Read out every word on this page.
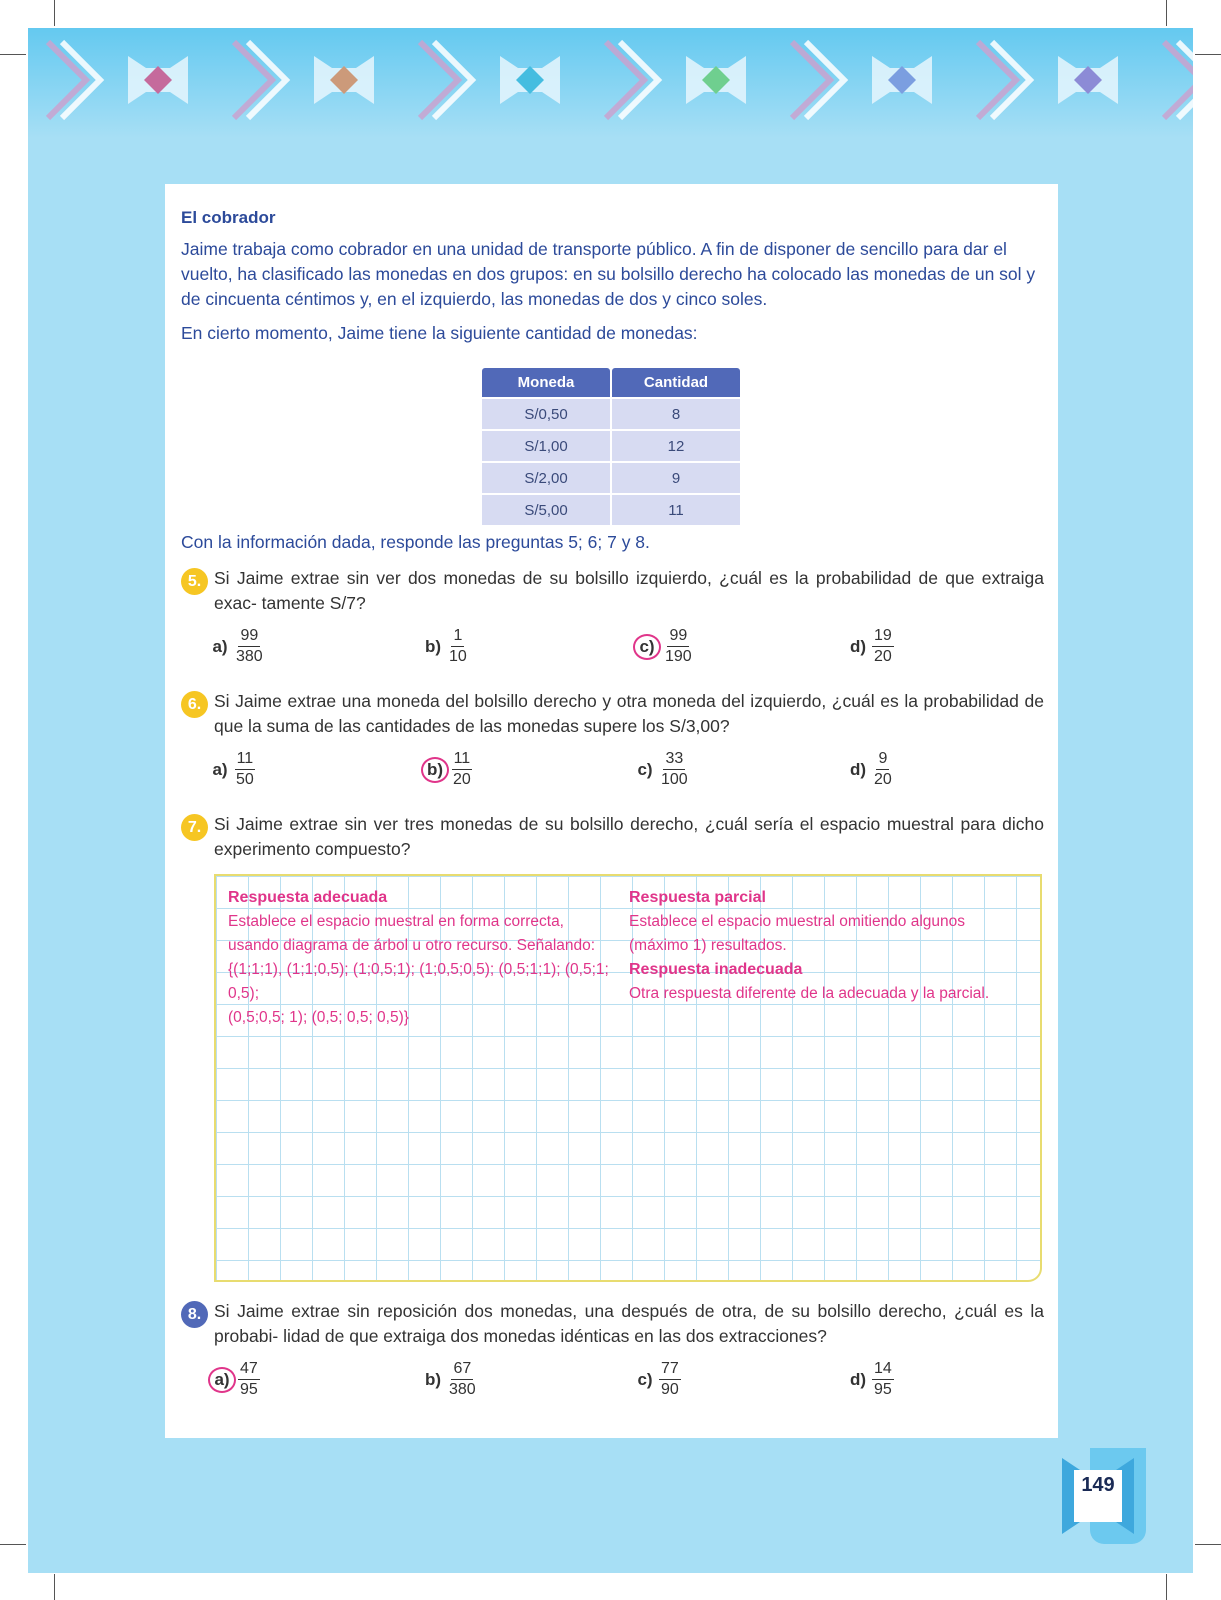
El cobrador

Jaime trabaja como cobrador en una unidad de transporte público. A fin de disponer de sencillo para dar el vuelto, ha clasificado las monedas en dos grupos: en su bolsillo derecho ha colocado las monedas de un sol y de cincuenta céntimos y, en el izquierdo, las monedas de dos y cinco soles.

En cierto momento, Jaime tiene la siguiente cantidad de monedas:

Moneda	Cantidad
S/0,50	8
S/1,00	12
S/2,00	9
S/5,00	11

Con la información dada, responde las preguntas 5; 6; 7 y 8.

5. Si Jaime extrae sin ver dos monedas de su bolsillo izquierdo, ¿cuál es la probabilidad de que extraiga exac- tamente S/7?

$a) \frac{99}{380}$	$b) \frac{1}{10}$	$c) \frac{99}{190}$	$d) \frac{19}{20}$
6. Si Jaime extrae una moneda del bolsillo derecho y otra moneda del izquierdo, ¿cuál es la probabilidad de que la suma de las cantidades de las monedas supere los S/3,00?

$a) \frac{11}{50}$	$b) \frac{11}{20}$	$c) \frac{33}{100}$	$d) \frac{9}{20}$
7. Si Jaime extrae sin ver tres monedas de su bolsillo derecho, ¿cuál sería el espacio muestral para dicho experimento compuesto?

Respuesta adecuada

Establece el espacio muestral en forma correcta,

usando diagrama de árbol u otro recurso. Señalando:

{(1;1;1), (1;1;0,5); (1;0,5;1); (1;0,5;0,5); (0,5;1;1); (0,5;1; 0,5);

(0,5;0,5; 1); (0,5; 0,5; 0,5)}

Respuesta parcial

Establece el espacio muestral omitiendo algunos

(máximo 1) resultados.

Respuesta inadecuada

Otra respuesta diferente de la adecuada y la parcial.

8. Si Jaime extrae sin reposición dos monedas, una después de otra, de su bolsillo derecho, ¿cuál es la probabi- lidad de que extraiga dos monedas idénticas en las dos extracciones?

$a) \frac{47}{95}$	$b) \frac{67}{380}$	$c) \frac{77}{90}$	$d) \frac{14}{95}$
149
